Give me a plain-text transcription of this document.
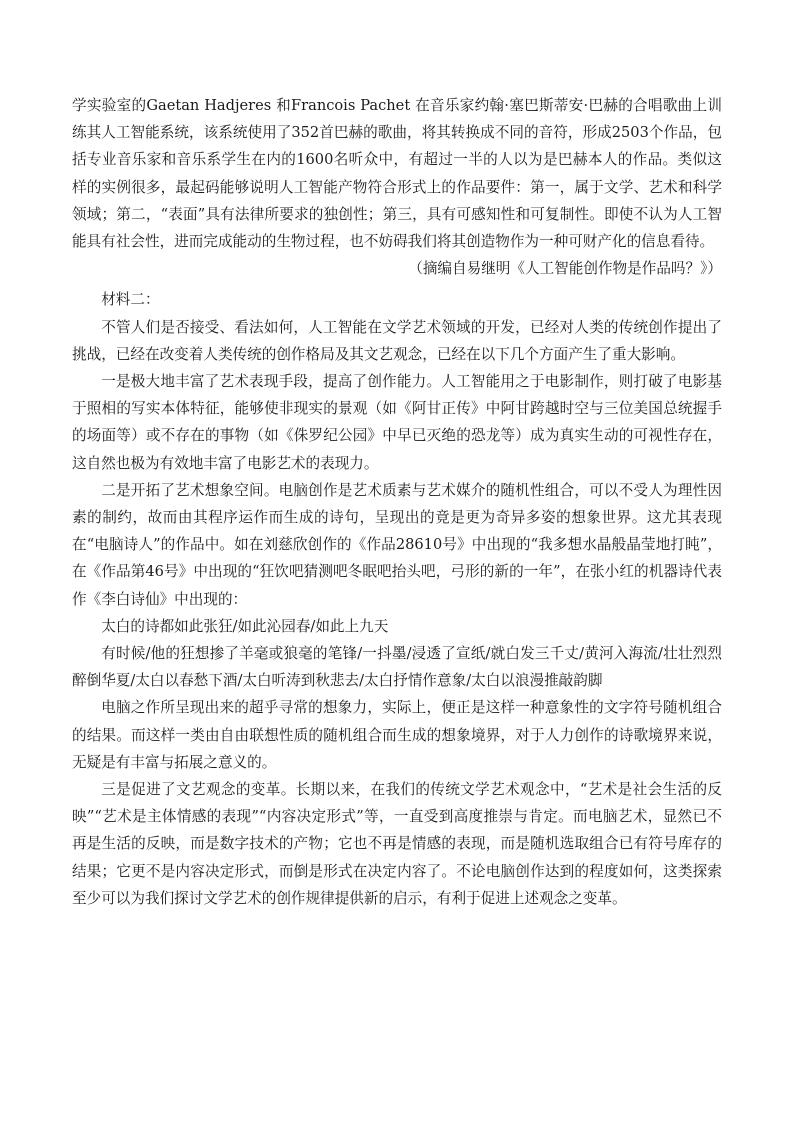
学实验室的Gaetan Hadjeres 和Francois Pachet 在音乐家约翰·塞巴斯蒂安·巴赫的合唱歌曲上训练其人工智能系统，该系统使用了352首巴赫的歌曲，将其转换成不同的音符，形成2503个作品，包括专业音乐家和音乐系学生在内的1600名听众中，有超过一半的人以为是巴赫本人的作品。类似这样的实例很多，最起码能够说明人工智能产物符合形式上的作品要件：第一，属于文学、艺术和科学领域；第二，“表面”具有法律所要求的独创性；第三，具有可感知性和可复制性。即使不认为人工智能具有社会性，进而完成能动的生物过程，也不妨碍我们将其创造物作为一种可财产化的信息看待。

（摘编自易继明《人工智能创作物是作品吗？》）

材料二：

不管人们是否接受、看法如何，人工智能在文学艺术领域的开发，已经对人类的传统创作提出了挑战，已经在改变着人类传统的创作格局及其文艺观念，已经在以下几个方面产生了重大影响。

一是极大地丰富了艺术表现手段，提高了创作能力。人工智能用之于电影制作，则打破了电影基于照相的写实本体特征，能够使非现实的景观（如《阿甘正传》中阿甘跨越时空与三位美国总统握手的场面等）或不存在的事物（如《侏罗纪公园》中早已灭绝的恐龙等）成为真实生动的可视性存在，这自然也极为有效地丰富了电影艺术的表现力。

二是开拓了艺术想象空间。电脑创作是艺术质素与艺术媒介的随机性组合，可以不受人为理性因素的制约，故而由其程序运作而生成的诗句，呈现出的竟是更为奇异多姿的想象世界。这尤其表现在“电脑诗人”的作品中。如在刘慈欣创作的《作品28610号》中出现的“我多想水晶般晶莹地打盹”，在《作品第46号》中出现的“狂饮吧猜测吧冬眠吧抬头吧，弓形的新的一年”，在张小红的机器诗代表作《李白诗仙》中出现的：

太白的诗都如此张狂/如此沁园春/如此上九天

有时候/他的狂想掺了羊毫或狼毫的笔锋/一抖墨/浸透了宣纸/就白发三千丈/黄河入海流/壮壮烈烈醉倒华夏/太白以春愁下酒/太白听涛到秋悲去/太白抒情作意象/太白以浪漫推敲韵脚

电脑之作所呈现出来的超乎寻常的想象力，实际上，便正是这样一种意象性的文字符号随机组合的结果。而这样一类由自由联想性质的随机组合而生成的想象境界，对于人力创作的诗歌境界来说，无疑是有丰富与拓展之意义的。

三是促进了文艺观念的变革。长期以来，在我们的传统文学艺术观念中，“艺术是社会生活的反映”“艺术是主体情感的表现”“内容决定形式”等，一直受到高度推崇与肯定。而电脑艺术，显然已不再是生活的反映，而是数字技术的产物；它也不再是情感的表现，而是随机选取组合已有符号库存的结果；它更不是内容决定形式，而倒是形式在决定内容了。不论电脑创作达到的程度如何，这类探索至少可以为我们探讨文学艺术的创作规律提供新的启示，有利于促进上述观念之变革。
